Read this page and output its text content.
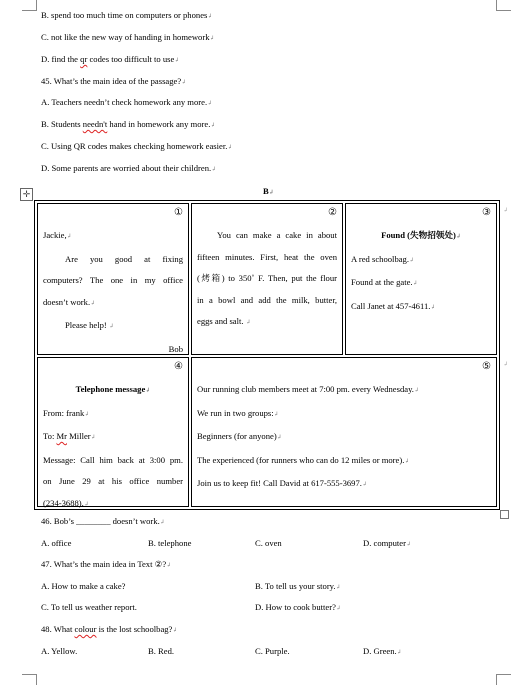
B. spend too much time on computers or phones↲
C. not like the new way of handing in homework↲
D. find the qr codes too difficult to use↲
45. What’s the main idea of the passage?↲
A. Teachers needn’t check homework any more.↲
B. Students needn't hand in homework any more.↲
C. Using QR codes makes checking homework easier.↲
D. Some parents are worried about their children.↲
✛	B↲
①

Jackie,↲

Are you good at fixing

computers? The one in my office

doesn’t work.↲

Please help! ↲

Bob

②

You can make a cake in about

fifteen minutes. First, heat the oven

(烤箱) to 350˚ F. Then, put the flour

in a bowl and add the milk, butter,

eggs and salt. ↲

③

Found (失物招领处)↲

A red schoolbag.↲

Found at the gate.↲

Call Janet at 457-4611.↲

④

Telephone message↲

From: frank↲

To: Mr Miller↲

Message: Call him back at 3:00 pm.

on June 29 at his office number

(234-3688).↲

⑤

Our running club members meet at 7:00 pm. every Wednesday.↲

We run in two groups:↲

Beginners (for anyone)↲

The experienced (for runners who can do 12 miles or more).↲

Join us to keep fit! Call David at 617-555-3697.↲

↲
↲
46. Bob’s ________ doesn’t work.↲
A. office	B. telephone	C. oven	D. computer↲
47. What’s the main idea in Text ②?↲
A. How to make a cake?	B. To tell us your story.↲
C. To tell us weather report.	D. How to cook butter?↲
48. What colour is the lost schoolbag?↲
A. Yellow.	B. Red.	C. Purple.	D. Green.↲
